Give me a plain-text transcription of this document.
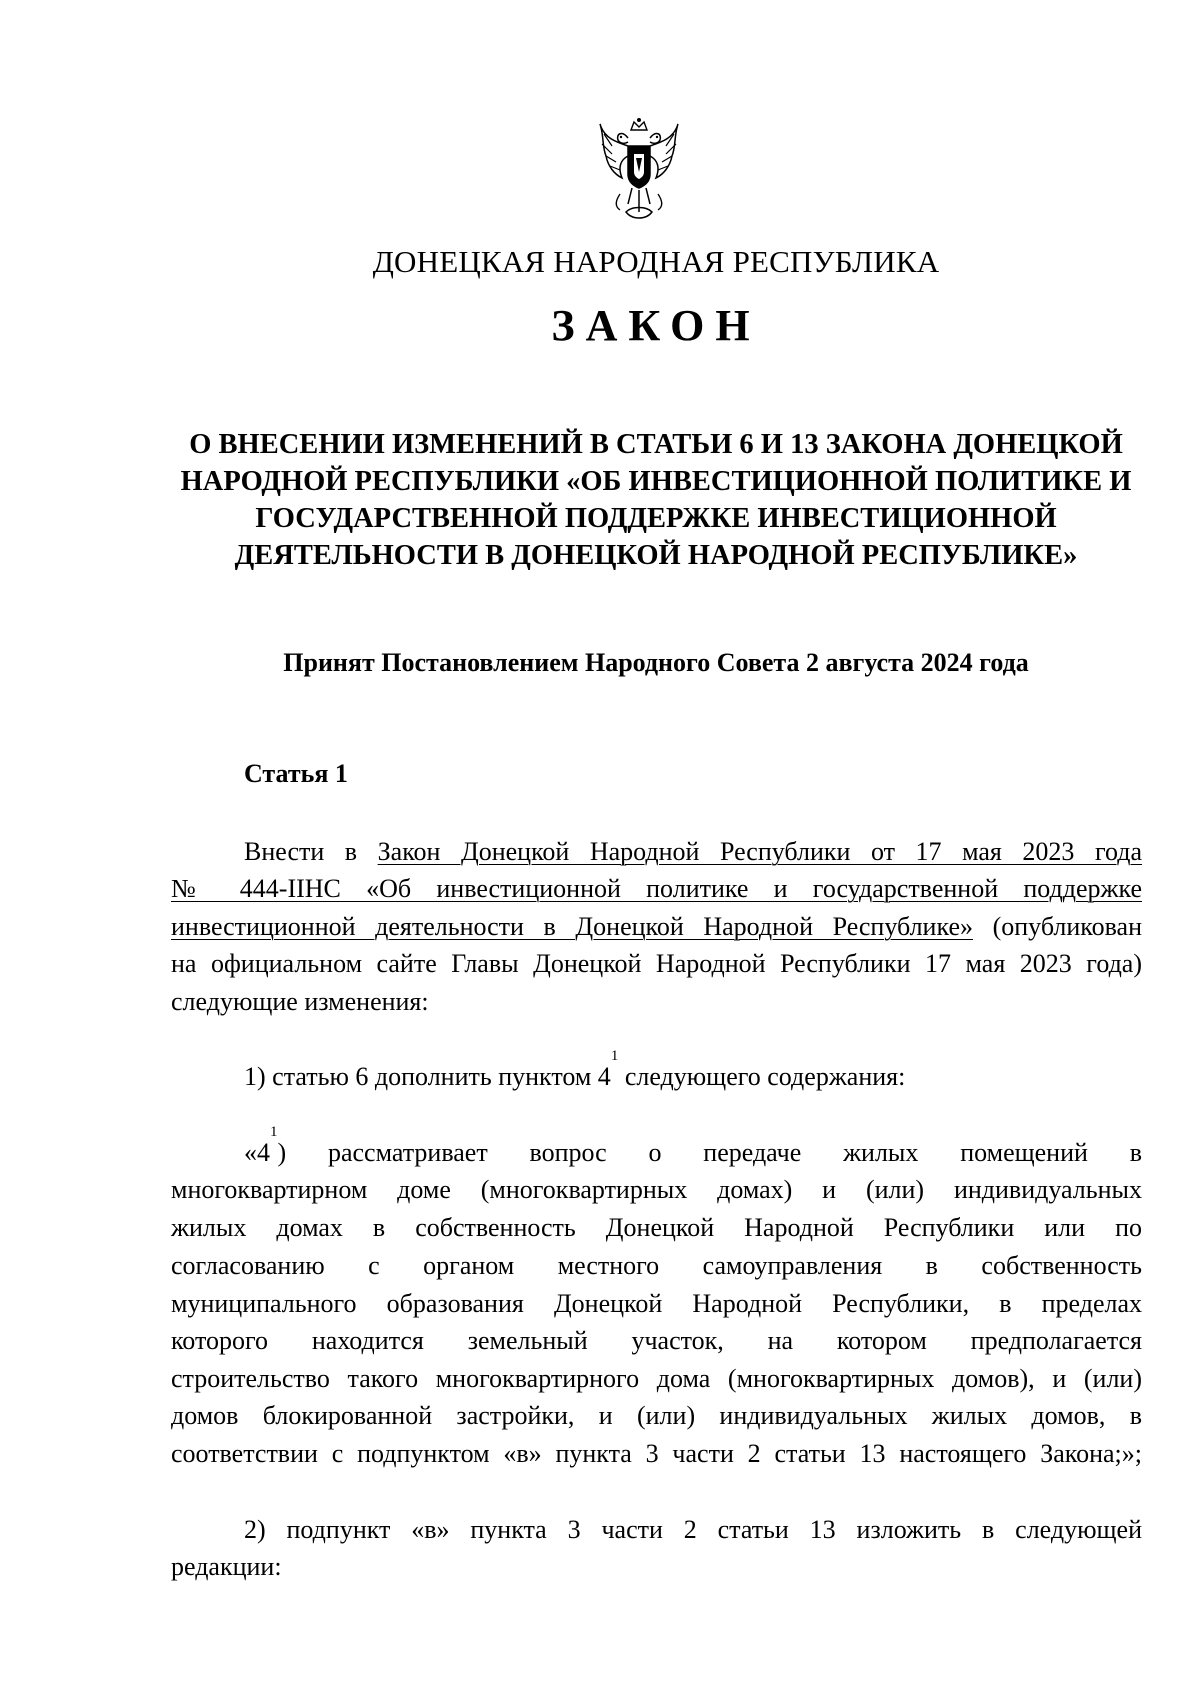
ДОНЕЦКАЯ НАРОДНАЯ РЕСПУБЛИКА
ЗАКОН
О ВНЕСЕНИИ ИЗМЕНЕНИЙ В СТАТЬИ 6 И 13 ЗАКОНА ДОНЕЦКОЙ
НАРОДНОЙ РЕСПУБЛИКИ «ОБ ИНВЕСТИЦИОННОЙ ПОЛИТИКЕ И
ГОСУДАРСТВЕННОЙ ПОДДЕРЖКЕ ИНВЕСТИЦИОННОЙ
ДЕЯТЕЛЬНОСТИ В ДОНЕЦКОЙ НАРОДНОЙ РЕСПУБЛИКЕ»
Принят Постановлением Народного Совета 2 августа 2024 года
Статья 1
Внести в Закон Донецкой Народной Республики от 17 мая 2023 года
№ 444-IIНС «Об инвестиционной политике и государственной поддержке
инвестиционной деятельности в Донецкой Народной Республике» (опубликован
на официальном сайте Главы Донецкой Народной Республики 17 мая 2023 года)
следующие изменения:
1) статью 6 дополнить пунктом $4^1$ следующего содержания:
«$4^1$) рассматривает вопрос о передаче жилых помещений в
многоквартирном доме (многоквартирных домах) и (или) индивидуальных
жилых домах в собственность Донецкой Народной Республики или по
согласованию с органом местного самоуправления в собственность
муниципального образования Донецкой Народной Республики, в пределах
которого находится земельный участок, на котором предполагается
строительство такого многоквартирного дома (многоквартирных домов), и (или)
домов блокированной застройки, и (или) индивидуальных жилых домов, в
соответствии с подпунктом «в» пункта 3 части 2 статьи 13 настоящего Закона;»;
2) подпункт «в» пункта 3 части 2 статьи 13 изложить в следующей
редакции:
